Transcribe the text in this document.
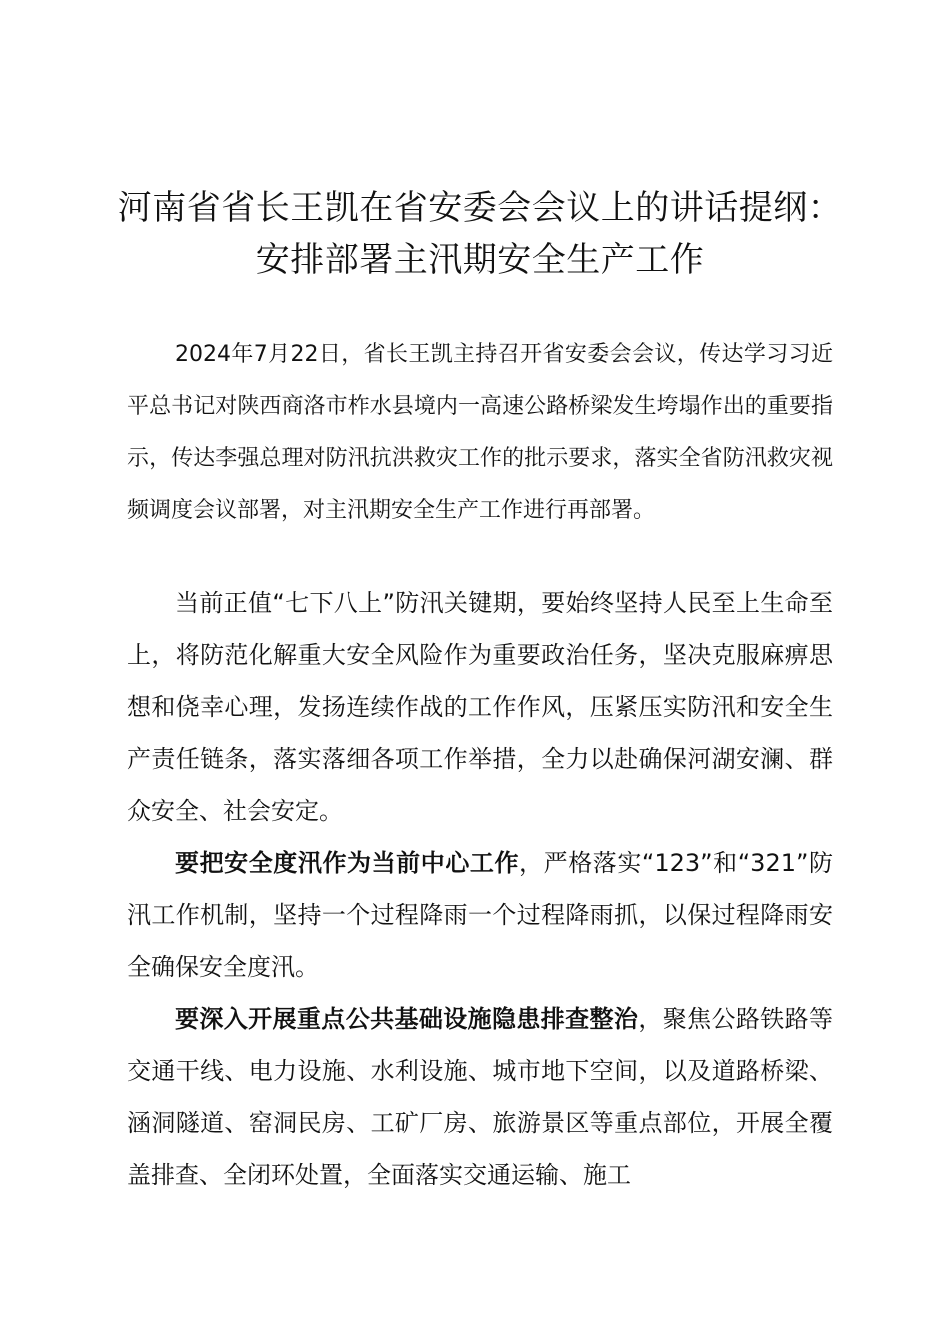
河南省省长王凯在省安委会会议上的讲话提纲：
安排部署主汛期安全生产工作

2024年7月22日，省长王凯主持召开省安委会会议，传达学习习近平总书记对陕西商洛市柞水县境内一高速公路桥梁发生垮塌作出的重要指示，传达李强总理对防汛抗洪救灾工作的批示要求，落实全省防汛救灾视频调度会议部署，对主汛期安全生产工作进行再部署。

当前正值“七下八上”防汛关键期，要始终坚持人民至上生命至上，将防范化解重大安全风险作为重要政治任务，坚决克服麻痹思想和侥幸心理，发扬连续作战的工作作风，压紧压实防汛和安全生产责任链条，落实落细各项工作举措，全力以赴确保河湖安澜、群众安全、社会安定。

要把安全度汛作为当前中心工作，严格落实“123”和“321”防汛工作机制，坚持一个过程降雨一个过程降雨抓，以保过程降雨安全确保安全度汛。

要深入开展重点公共基础设施隐患排查整治，聚焦公路铁路等交通干线、电力设施、水利设施、城市地下空间，以及道路桥梁、涵洞隧道、窑洞民房、工矿厂房、旅游景区等重点部位，开展全覆盖排查、全闭环处置，全面落实交通运输、施工
